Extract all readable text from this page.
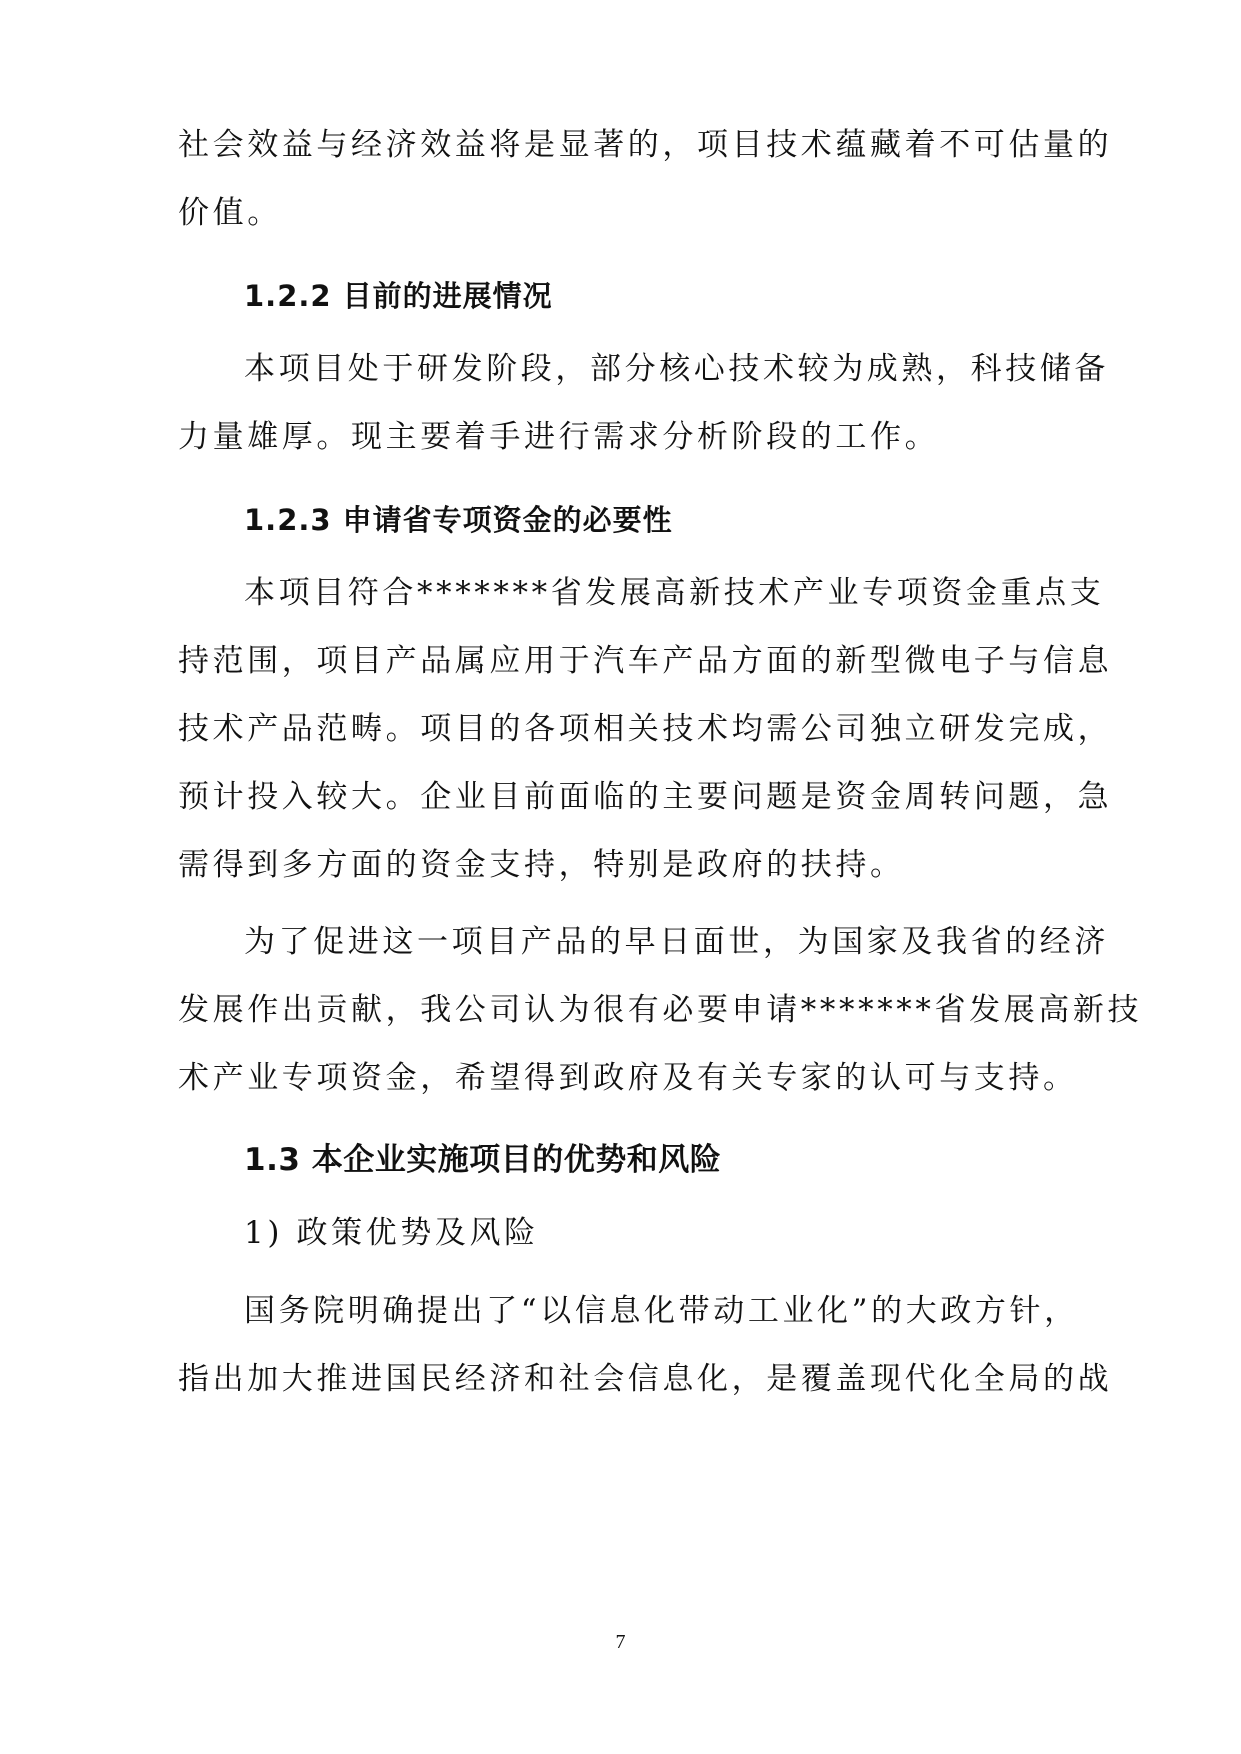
社会效益与经济效益将是显著的，项目技术蕴藏着不可估量的
价值。
1.2.2 目前的进展情况
本项目处于研发阶段，部分核心技术较为成熟，科技储备
力量雄厚。现主要着手进行需求分析阶段的工作。
1.2.3 申请省专项资金的必要性
本项目符合*******省发展高新技术产业专项资金重点支
持范围，项目产品属应用于汽车产品方面的新型微电子与信息
技术产品范畴。项目的各项相关技术均需公司独立研发完成，
预计投入较大。企业目前面临的主要问题是资金周转问题，急
需得到多方面的资金支持，特别是政府的扶持。
为了促进这一项目产品的早日面世，为国家及我省的经济
发展作出贡献，我公司认为很有必要申请*******省发展高新技
术产业专项资金，希望得到政府及有关专家的认可与支持。
1.3 本企业实施项目的优势和风险
1) 政策优势及风险
国务院明确提出了“以信息化带动工业化”的大政方针，
指出加大推进国民经济和社会信息化，是覆盖现代化全局的战
7
